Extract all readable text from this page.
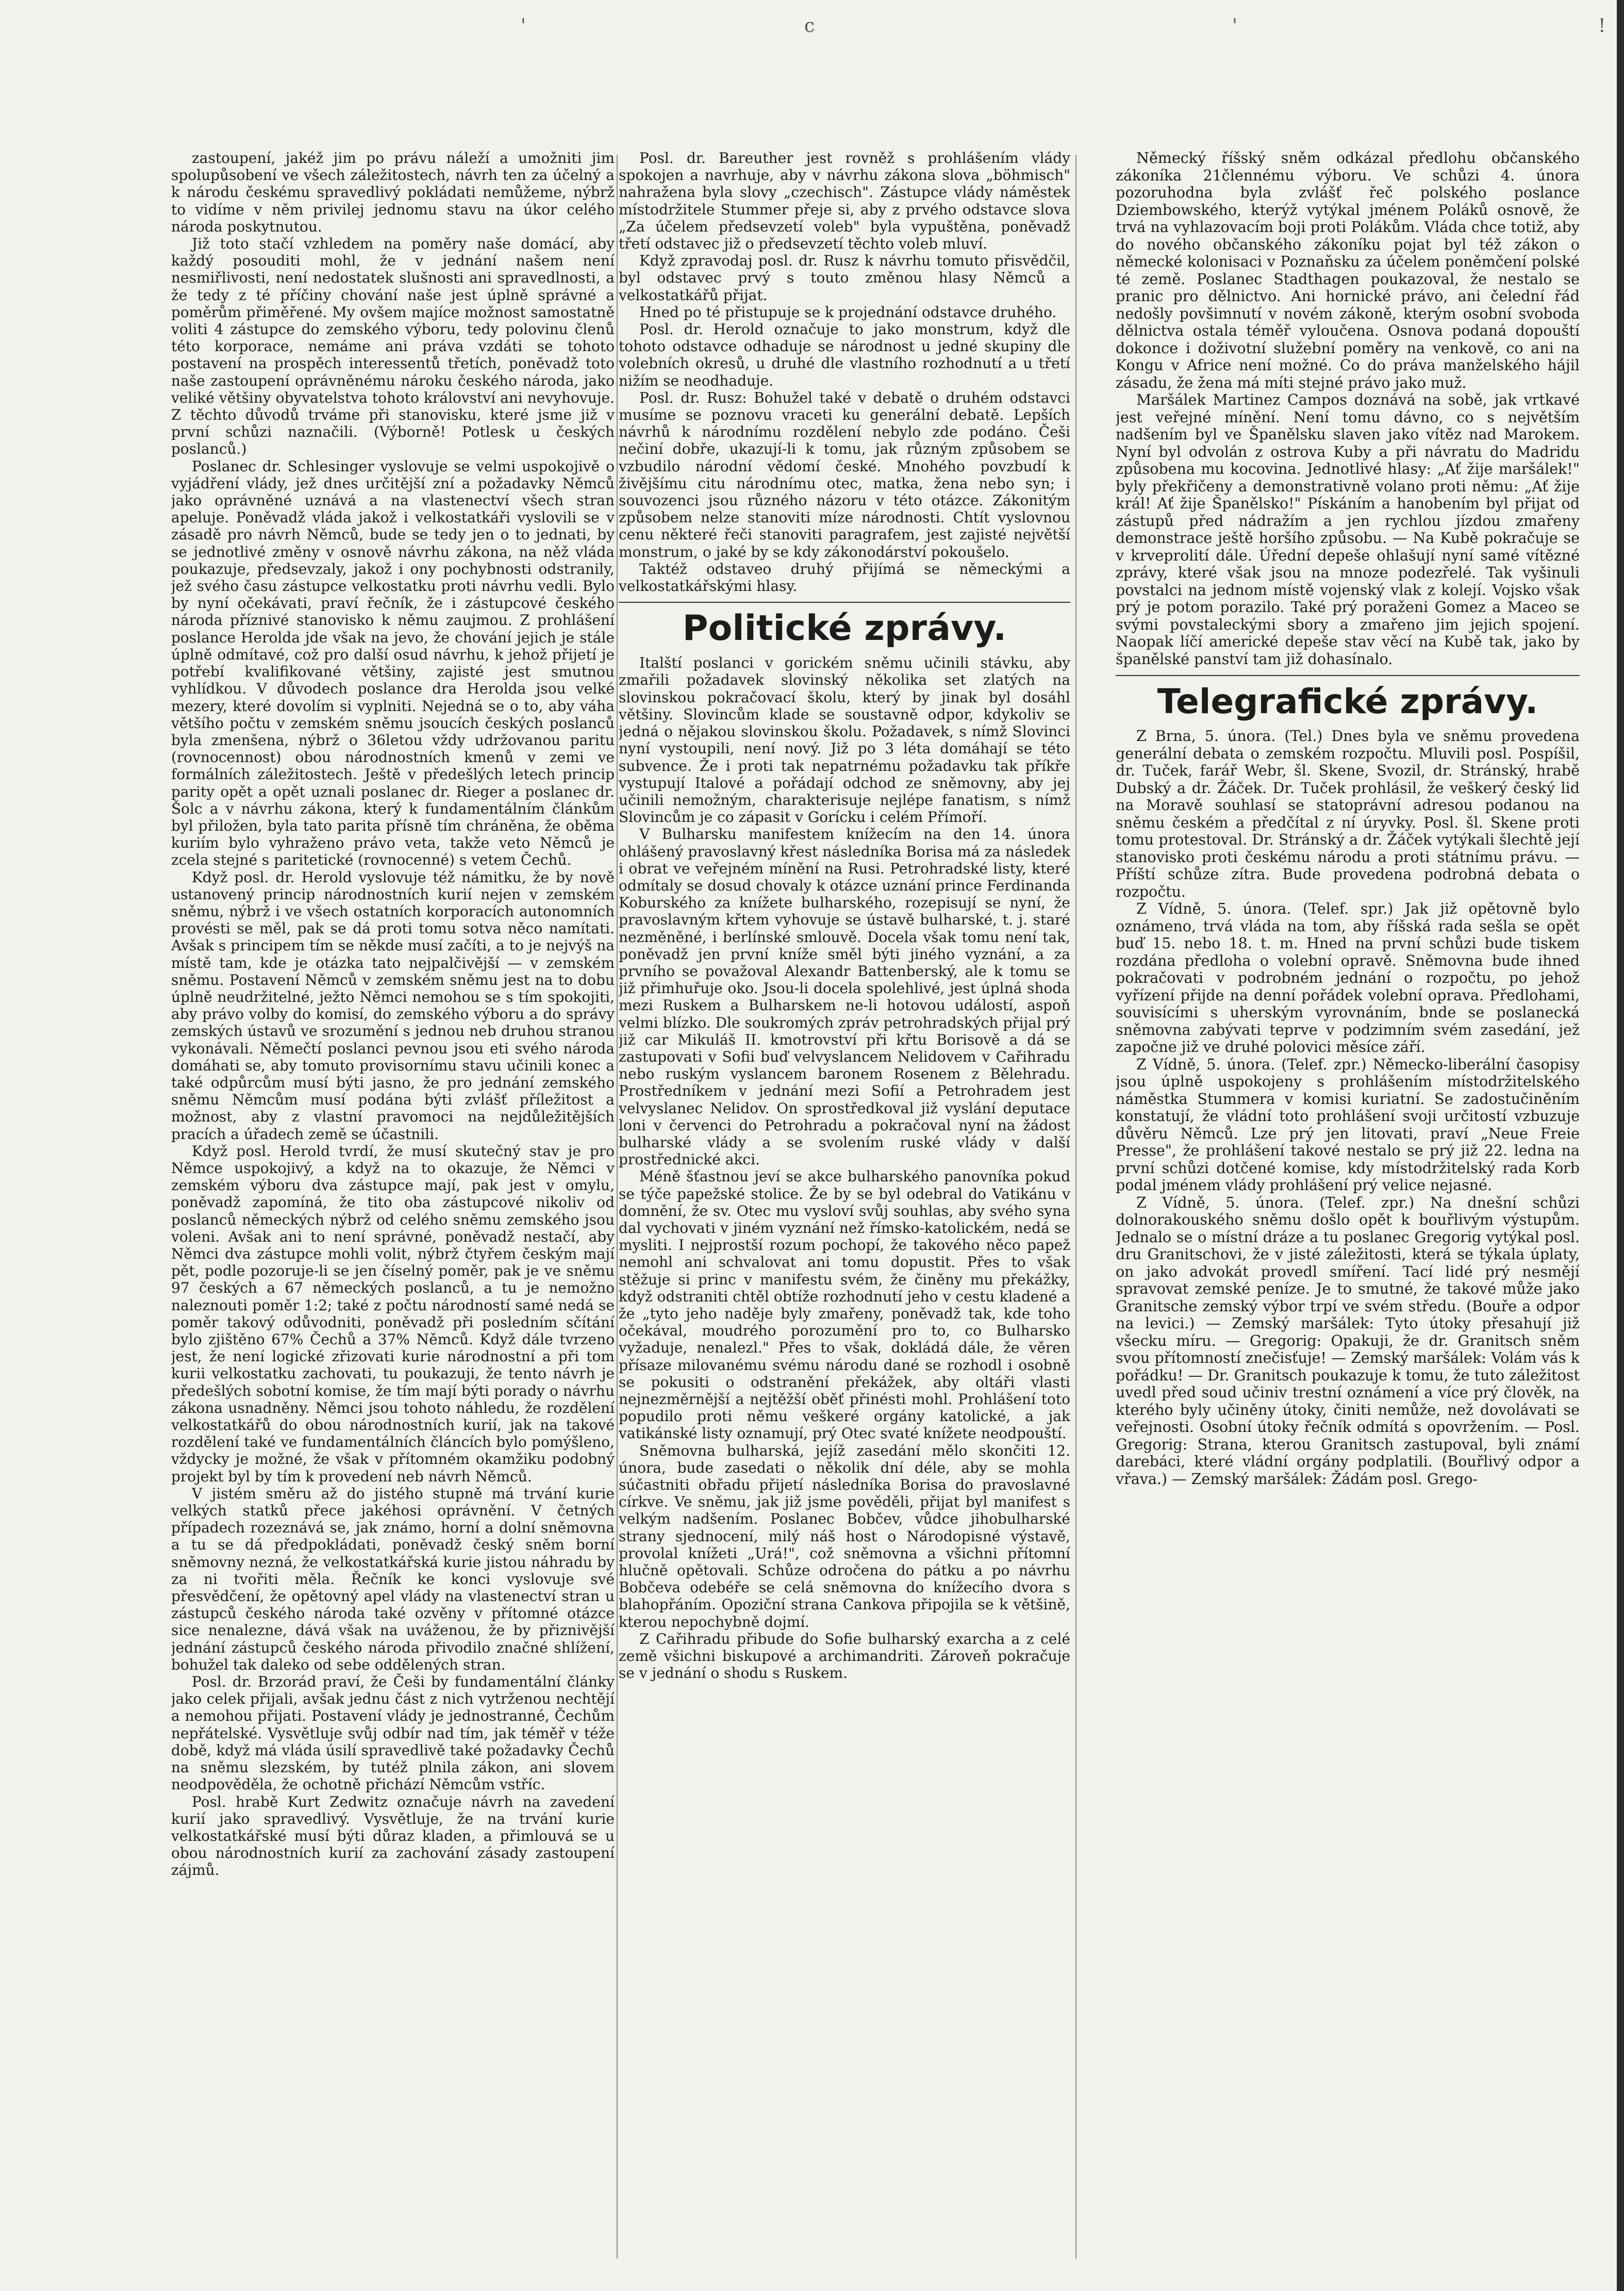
'	c	'	!

zastoupení, jakéž jim po právu náleží a umožniti jim spolupůsobení ve všech záležitostech, návrh ten za účelný a k národu českému spravedlivý pokládati nemůžeme, nýbrž to vidíme v něm privilej jednomu stavu na úkor celého národa poskytnutou.

Již toto stačí vzhledem na poměry naše domácí, aby každý posouditi mohl, že v jednání našem není nesmiřlivosti, není nedostatek slušnosti ani spravedlnosti, a že tedy z té příčiny chování naše jest úplně správné a poměrům přiměřené. My ovšem majíce možnost samostatně voliti 4 zástupce do zemského výboru, tedy polovinu členů této korporace, nemáme ani práva vzdáti se tohoto postavení na prospěch interessentů třetích, poněvadž toto naše zastoupení oprávněnému nároku českého národa, jako veliké většiny obyvatelstva tohoto království ani nevyhovuje. Z těchto důvodů trváme při stanovisku, které jsme již v první schůzi naznačili. (Výborně! Potlesk u českých poslanců.)

Poslanec dr. Schlesinger vyslovuje se velmi uspokojivě o vyjádření vlády, jež dnes určitější zní a požadavky Němců jako oprávněné uznává a na vlastenectví všech stran apeluje. Poněvadž vláda jakož i velkostatkáři vyslovili se v zásadě pro návrh Němců, bude se tedy jen o to jednati, by se jednotlivé změny v osnově návrhu zákona, na něž vláda poukazuje, předsevzaly, jakož i ony pochybnosti odstranily, jež svého času zástupce velkostatku proti návrhu vedli. Bylo by nyní očekávati, praví řečník, že i zástupcové českého národa příznivé stanovisko k němu zaujmou. Z prohlášení poslance Herolda jde však na jevo, že chování jejich je stále úplně odmítavé, což pro další osud návrhu, k jehož přijetí je potřebí kvalifikované většiny, zajisté jest smutnou vyhlídkou. V důvodech poslance dra Herolda jsou velké mezery, které dovolím si vyplniti. Nejedná se o to, aby váha většího počtu v zemském sněmu jsoucích českých poslanců byla zmenšena, nýbrž o 36letou vždy udržovanou paritu (rovnocennost) obou národnostních kmenů v zemi ve formálních záležitostech. Ještě v předešlých letech princip parity opět a opět uznali poslanec dr. Rieger a poslanec dr. Šolc a v návrhu zákona, který k fundamentálním článkům byl přiložen, byla tato parita přísně tím chráněna, že oběma kuriím bylo vyhraženo právo veta, takže veto Němců je zcela stejné s paritetické (rovnocenné) s vetem Čechů.

Když posl. dr. Herold vyslovuje též námitku, že by nově ustanovený princip národnostních kurií nejen v zemském sněmu, nýbrž i ve všech ostatních korporacích autonomních provésti se měl, pak se dá proti tomu sotva něco namítati. Avšak s principem tím se někde musí začíti, a to je nejvýš na místě tam, kde je otázka tato nejpalčivější — v zemském sněmu. Postavení Němců v zemském sněmu jest na to dobu úplně neudržitelné, ježto Němci nemohou se s tím spokojiti, aby právo volby do komisí, do zemského výboru a do správy zemských ústavů ve srozumění s jednou neb druhou stranou vykonávali. Němečtí poslanci pevnou jsou eti svého národa domáhati se, aby tomuto provisornímu stavu učinili konec a také odpůrcům musí býti jasno, že pro jednání zemského sněmu Němcům musí podána býti zvlášť příležitost a možnost, aby z vlastní pravomoci na nejdůležitějších pracích a úřadech země se účastnili.

Když posl. Herold tvrdí, že musí skutečný stav je pro Němce uspokojivý, a když na to okazuje, že Němci v zemském výboru dva zástupce mají, pak jest v omylu, poněvadž zapomíná, že tito oba zástupcové nikoliv od poslanců německých nýbrž od celého sněmu zemského jsou voleni. Avšak ani to není správné, poněvadž nestačí, aby Němci dva zástupce mohli volit, nýbrž čtyřem českým mají pět, podle pozoruje-li se jen číselný poměr, pak je ve sněmu 97 českých a 67 německých poslanců, a tu je nemožno naleznouti poměr 1:2; také z počtu národností samé nedá se poměr takový odůvodniti, poněvadž při posledním sčítání bylo zjištěno 67% Čechů a 37% Němců. Když dále tvrzeno jest, že není logické zřizovati kurie národnostní a při tom kurii velkostatku zachovati, tu poukazuji, že tento návrh je předešlých sobotní komise, že tím mají býti porady o návrhu zákona usnadněny. Němci jsou tohoto náhledu, že rozdělení velkostatkářů do obou národnostních kurií, jak na takové rozdělení také ve fundamentálních článcích bylo pomýšleno, vždycky je možné, že však v přítomném okamžiku podobný projekt byl by tím k provedení neb návrh Němců.

V jistém směru až do jistého stupně má trvání kurie velkých statků přece jakéhosi oprávnění. V četných případech rozeznává se, jak známo, horní a dolní sněmovna a tu se dá předpokládati, poněvadž český sněm borní sněmovny nezná, že velkostatkářská kurie jistou náhradu by za ni tvořiti měla. Řečník ke konci vyslovuje své přesvědčení, že opětovný apel vlády na vlastenectví stran u zástupců českého národa také ozvěny v přítomné otázce sice nenalezne, dává však na uváženou, že by přiznivější jednání zástupců českého národa přivodilo značné shlížení, bohužel tak daleko od sebe oddělených stran.

Posl. dr. Brzorád praví, že Češi by fundamentální články jako celek přijali, avšak jednu část z nich vytrženou nechtějí a nemohou přijati. Postavení vlády je jednostranné, Čechům nepřátelské. Vysvětluje svůj odbír nad tím, jak téměř v téže době, když má vláda úsilí spravedlivě také požadavky Čechů na sněmu slezském, by tutéž plnila zákon, ani slovem neodpověděla, že ochotně přichází Němcům vstříc.

Posl. hrabě Kurt Zedwitz označuje návrh na zavedení kurií jako spravedlivý. Vysvětluje, že na trvání kurie velkostatkářské musí býti důraz kladen, a přimlouvá se u obou národnostních kurií za zachování zásady zastoupení zájmů.

Posl. dr. Bareuther jest rovněž s prohlášením vlády spokojen a navrhuje, aby v návrhu zákona slova „böhmisch" nahražena byla slovy „czechisch". Zástupce vlády náměstek místodržitele Stummer přeje si, aby z prvého odstavce slova „Za účelem předsevzetí voleb" byla vypuštěna, poněvadž třetí odstavec již o předsevzetí těchto voleb mluví.

Když zpravodaj posl. dr. Rusz k návrhu tomuto přisvědčil, byl odstavec prvý s touto změnou hlasy Němců a velkostatkářů přijat.

Hned po té přistupuje se k projednání odstavce druhého.

Posl. dr. Herold označuje to jako monstrum, když dle tohoto odstavce odhaduje se národnost u jedné skupiny dle volebních okresů, u druhé dle vlastního rozhodnutí a u třetí nižím se neodhaduje.

Posl. dr. Rusz: Bohužel také v debatě o druhém odstavci musíme se poznovu vraceti ku generální debatě. Lepších návrhů k národnímu rozdělení nebylo zde podáno. Češi nečiní dobře, ukazují-li k tomu, jak různým způsobem se vzbudilo národní vědomí české. Mnohého povzbudí k živějšímu citu národnímu otec, matka, žena nebo syn; i souvozenci jsou různého názoru v této otázce. Zákonitým způsobem nelze stanoviti míze národnosti. Chtít vyslovnou cenu některé řeči stanoviti paragrafem, jest zajisté největší monstrum, o jaké by se kdy zákonodárství pokoušelo.

Taktéž odstaveo druhý přijímá se německými a velkostatkářskými hlasy.

Politické zprávy.

Italští poslanci v gorickém sněmu učinili stávku, aby zmařili požadavek slovinský několika set zlatých na slovinskou pokračovací školu, který by jinak byl dosáhl většiny. Slovincům klade se soustavně odpor, kdykoliv se jedná o nějakou slovinskou školu. Požadavek, s nímž Slovinci nyní vystoupili, není nový. Již po 3 léta domáhají se této subvence. Že i proti tak nepatrnému požadavku tak příkře vystupují Italové a pořádají odchod ze sněmovny, aby jej učinili nemožným, charakterisuje nejlépe fanatism, s nímž Slovincům je co zápasit v Gorícku i celém Přímoří.

V Bulharsku manifestem knížecím na den 14. února ohlášený pravoslavný křest následníka Borisa má za následek i obrat ve veřejném mínění na Rusi. Petrohradské listy, které odmítaly se dosud chovaly k otázce uznání prince Ferdinanda Koburského za knížete bulharského, rozepisují se nyní, že pravoslavným křtem vyhovuje se ústavě bulharské, t. j. staré nezměněné, i berlínské smlouvě. Docela však tomu není tak, poněvadž jen první kníže směl býti jiného vyznání, a za prvního se považoval Alexandr Battenberský, ale k tomu se již přimhuřuje oko. Jsou-li docela spolehlivé, jest úplná shoda mezi Ruskem a Bulharskem ne-li hotovou událostí, aspoň velmi blízko. Dle soukromých zpráv petrohradských přijal prý již car Mikuláš II. kmotrovství při křtu Borisově a dá se zastupovati v Sofii buď velvyslancem Nelidovem v Cařihradu nebo ruským vyslancem baronem Rosenem z Bělehradu. Prostředníkem v jednání mezi Sofií a Petrohradem jest velvyslanec Nelidov. On sprostředkoval již vyslání deputace loni v červenci do Petrohradu a pokračoval nyní na žádost bulharské vlády a se svolením ruské vlády v další prostřednické akci.

Méně šťastnou jeví se akce bulharského panovníka pokud se týče papežské stolice. Že by se byl odebral do Vatikánu v domnění, že sv. Otec mu vysloví svůj souhlas, aby svého syna dal vychovati v jiném vyznání než římsko-katolickém, nedá se mysliti. I nejprostší rozum pochopí, že takového něco papež nemohl ani schvalovat ani tomu dopustit. Přes to však stěžuje si princ v manifestu svém, že činěny mu překážky, když odstraniti chtěl obtíže rozhodnutí jeho v cestu kladené a že „tyto jeho naděje byly zmařeny, poněvadž tak, kde toho očekával, moudrého porozumění pro to, co Bulharsko vyžaduje, nenalezl." Přes to však, dokládá dále, že věren přísaze milovanému svému národu dané se rozhodl i osobně se pokusiti o odstranění překážek, aby oltáři vlasti nejnezměrnější a nejtěžší oběť přinésti mohl. Prohlášení toto popudilo proti němu veškeré orgány katolické, a jak vatikánské listy oznamují, prý Otec svaté knížete neodpouští.

Sněmovna bulharská, jejíž zasedání mělo skončiti 12. února, bude zasedati o několik dní déle, aby se mohla súčastniti obřadu přijetí následníka Borisa do pravoslavné církve. Ve sněmu, jak již jsme pověděli, přijat byl manifest s velkým nadšením. Poslanec Bobčev, vůdce jihobulharské strany sjednocení, milý náš host o Národopisné výstavě, provolal knížeti „Urá!", což sněmovna a všichni přítomní hlučně opětovali. Schůze odročena do pátku a po návrhu Bobčeva odebéře se celá sněmovna do knížecího dvora s blahopřáním. Opoziční strana Cankova připojila se k většině, kterou nepochybně dojmí.

Z Cařihradu přibude do Sofie bulharský exarcha a z celé země všichni biskupové a archimandriti. Zároveň pokračuje se v jednání o shodu s Ruskem.

Německý říšský sněm odkázal předlohu občanského zákoníka 21člennému výboru. Ve schůzi 4. února pozoruhodna byla zvlášť řeč polského poslance Dziembowského, kterýž vytýkal jménem Poláků osnově, že trvá na vyhlazovacím boji proti Polákům. Vláda chce totiž, aby do nového občanského zákoníku pojat byl též zákon o německé kolonisaci v Poznaňsku za účelem poněmčení polské té země. Poslanec Stadthagen poukazoval, že nestalo se pranic pro dělnictvo. Ani hornické právo, ani čelední řád nedošly povšimnutí v novém zákoně, kterým osobní svoboda dělnictva ostala téměř vyloučena. Osnova podaná dopouští dokonce i doživotní služební poměry na venkově, co ani na Kongu v Africe není možné. Co do práva manželského hájil zásadu, že žena má míti stejné právo jako muž.

Maršálek Martinez Campos doznává na sobě, jak vrtkavé jest veřejné mínění. Není tomu dávno, co s největším nadšením byl ve Španělsku slaven jako vítěz nad Marokem. Nyní byl odvolán z ostrova Kuby a při návratu do Madridu způsobena mu kocovina. Jednotlivé hlasy: „Ať žije maršálek!" byly překřičeny a demonstrativně volano proti němu: „Ať žije král! Ať žije Španělsko!" Pískáním a hanobením byl přijat od zástupů před nádražím a jen rychlou jízdou zmařeny demonstrace ještě horšího způsobu. — Na Kubě pokračuje se v krveprolití dále. Úřední depeše ohlašují nyní samé vítězné zprávy, které však jsou na mnoze podezřelé. Tak vyšinuli povstalci na jednom místě vojenský vlak z kolejí. Vojsko však prý je potom porazilo. Také prý poraženi Gomez a Maceo se svými povstaleckými sbory a zmařeno jim jejich spojení. Naopak líčí americké depeše stav věcí na Kubě tak, jako by španělské panství tam již dohasínalo.

Telegrafické zprávy.

Z Brna, 5. února. (Tel.) Dnes byla ve sněmu provedena generální debata o zemském rozpočtu. Mluvili posl. Pospíšil, dr. Tuček, farář Webr, šl. Skene, Svozil, dr. Stránský, hrabě Dubský a dr. Žáček. Dr. Tuček prohlásil, že veškerý český lid na Moravě souhlasí se statoprávní adresou podanou na sněmu českém a předčítal z ní úryvky. Posl. šl. Skene proti tomu protestoval. Dr. Stránský a dr. Žáček vytýkali šlechtě její stanovisko proti českému národu a proti státnímu právu. — Příští schůze zítra. Bude provedena podrobná debata o rozpočtu.

Z Vídně, 5. února. (Telef. spr.) Jak již opětovně bylo oznámeno, trvá vláda na tom, aby říšská rada sešla se opět buď 15. nebo 18. t. m. Hned na první schůzi bude tiskem rozdána předloha o volební opravě. Sněmovna bude ihned pokračovati v podrobném jednání o rozpočtu, po jehož vyřízení přijde na denní pořádek volební oprava. Předlohami, souvisícími s uherským vyrovnáním, bnde se poslanecká sněmovna zabývati teprve v podzimním svém zasedání, jež započne již ve druhé polovici měsíce září.

Z Vídně, 5. února. (Telef. zpr.) Německo-liberální časopisy jsou úplně uspokojeny s prohlášením místodržitelského náměstka Stummera v komisi kuriatní. Se zadostučiněním konstatují, že vládní toto prohlášení svoji určitostí vzbuzuje důvěru Němců. Lze prý jen litovati, praví „Neue Freie Presse", že prohlášení takové nestalo se prý již 22. ledna na první schůzi dotčené komise, kdy místodržitelský rada Korb podal jménem vlády prohlášení prý velice nejasné.

Z Vídně, 5. února. (Telef. zpr.) Na dnešní schůzi dolnorakouského sněmu došlo opět k bouřlivým výstupům. Jednalo se o místní dráze a tu poslanec Gregorig vytýkal posl. dru Granitschovi, že v jisté záležitosti, která se týkala úplaty, on jako advokát provedl smíření. Tací lidé prý nesmějí spravovat zemské peníze. Je to smutné, že takové může jako Granitsche zemský výbor trpí ve svém středu. (Bouře a odpor na levici.) — Zemský maršálek: Tyto útoky přesahují již všecku míru. — Gregorig: Opakuji, že dr. Granitsch sněm svou přítomností znečisťuje! — Zemský maršálek: Volám vás k pořádku! — Dr. Granitsch poukazuje k tomu, že tuto záležitost uvedl před soud učiniv trestní oznámení a více prý člověk, na kterého byly učiněny útoky, činiti nemůže, než dovolávati se veřejnosti. Osobní útoky řečník odmítá s opovržením. — Posl. Gregorig: Strana, kterou Granitsch zastupoval, byli známí darebáci, které vládní orgány podplatili. (Bouřlivý odpor a vřava.) — Zemský maršálek: Žádám posl. Grego-
